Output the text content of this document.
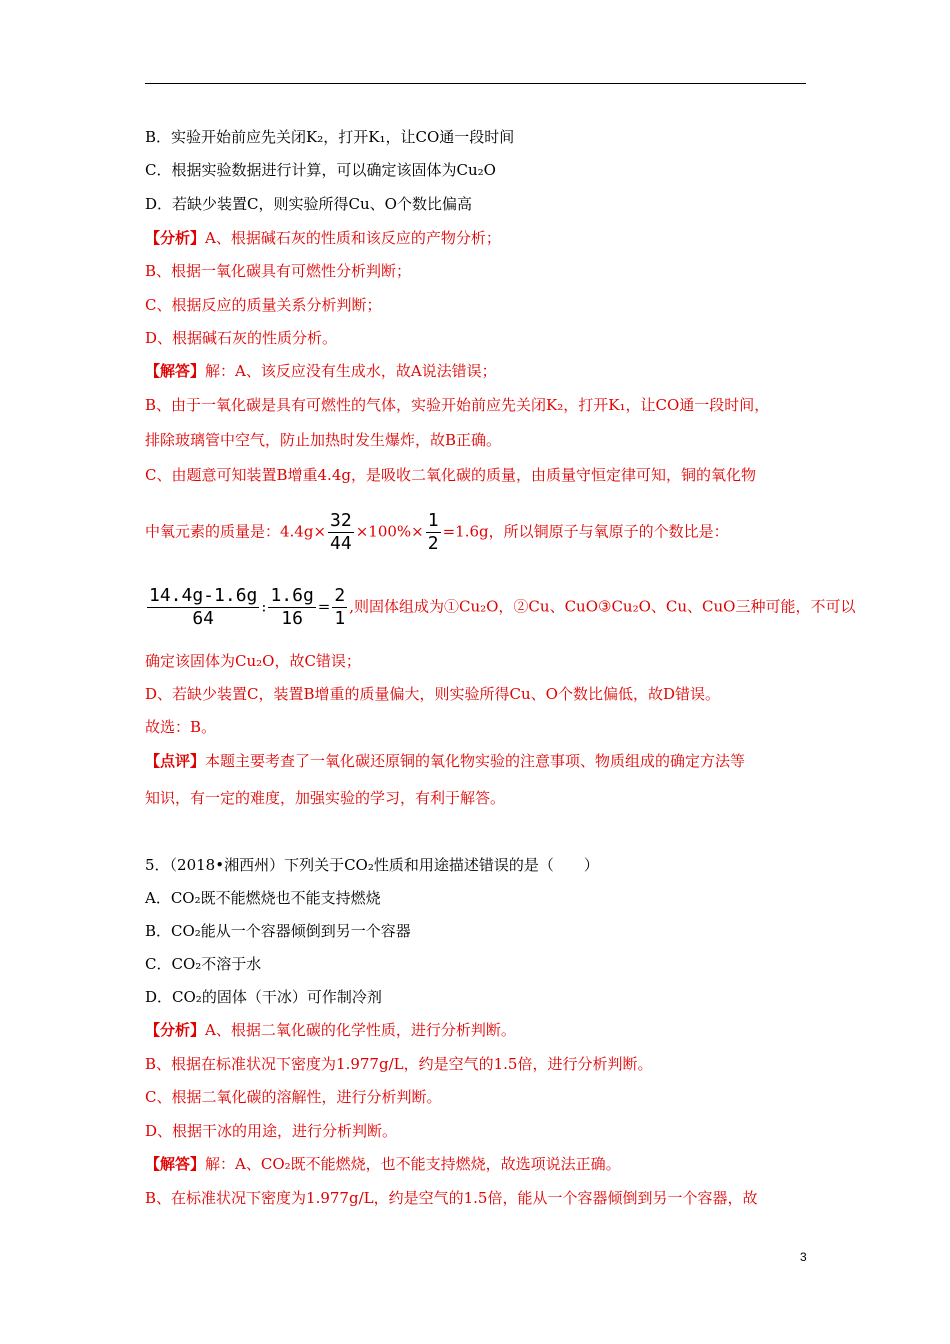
B．实验开始前应先关闭K₂，打开K₁，让CO通一段时间
C．根据实验数据进行计算，可以确定该固体为Cu₂O
D．若缺少装置C，则实验所得Cu、O个数比偏高
【分析】A、根据碱石灰的性质和该反应的产物分析；
B、根据一氧化碳具有可燃性分析判断；
C、根据反应的质量关系分析判断；
D、根据碱石灰的性质分析。
【解答】解：A、该反应没有生成水，故A说法错误；
B、由于一氧化碳是具有可燃性的气体，实验开始前应先关闭K₂，打开K₁，让CO通一段时间，
排除玻璃管中空气，防止加热时发生爆炸，故B正确。
C、由题意可知装置B增重4.4g，是吸收二氧化碳的质量，由质量守恒定律可知，铜的氧化物
中氧元素的质量是：$4.4g\times \frac{32}{44} \times 100\%\times \frac{1}{2} =1.6g$，所以铜原子与氧原子的个数比是：
$\frac{14.4g-1.6g}{64}$ : $\frac{1.6g}{16} = \frac{2}{1}$ ,则固体组成为①Cu₂O，②Cu、CuO③Cu₂O、Cu、CuO三种可能，不可以
确定该固体为Cu₂O，故C错误；
D、若缺少装置C，装置B增重的质量偏大，则实验所得Cu、O个数比偏低，故D错误。
故选：B。
【点评】本题主要考查了一氧化碳还原铜的氧化物实验的注意事项、物质组成的确定方法等
知识，有一定的难度，加强实验的学习，有利于解答。
5．（2018•湘西州）下列关于CO₂性质和用途描述错误的是（　　）
A．CO₂既不能燃烧也不能支持燃烧
B．CO₂能从一个容器倾倒到另一个容器
C．CO₂不溶于水
D．CO₂的固体（干冰）可作制冷剂
【分析】A、根据二氧化碳的化学性质，进行分析判断。
B、根据在标准状况下密度为1.977g/L，约是空气的1.5倍，进行分析判断。
C、根据二氧化碳的溶解性，进行分析判断。
D、根据干冰的用途，进行分析判断。
【解答】解：A、CO₂既不能燃烧，也不能支持燃烧，故选项说法正确。
B、在标准状况下密度为1.977g/L，约是空气的1.5倍，能从一个容器倾倒到另一个容器，故
3
